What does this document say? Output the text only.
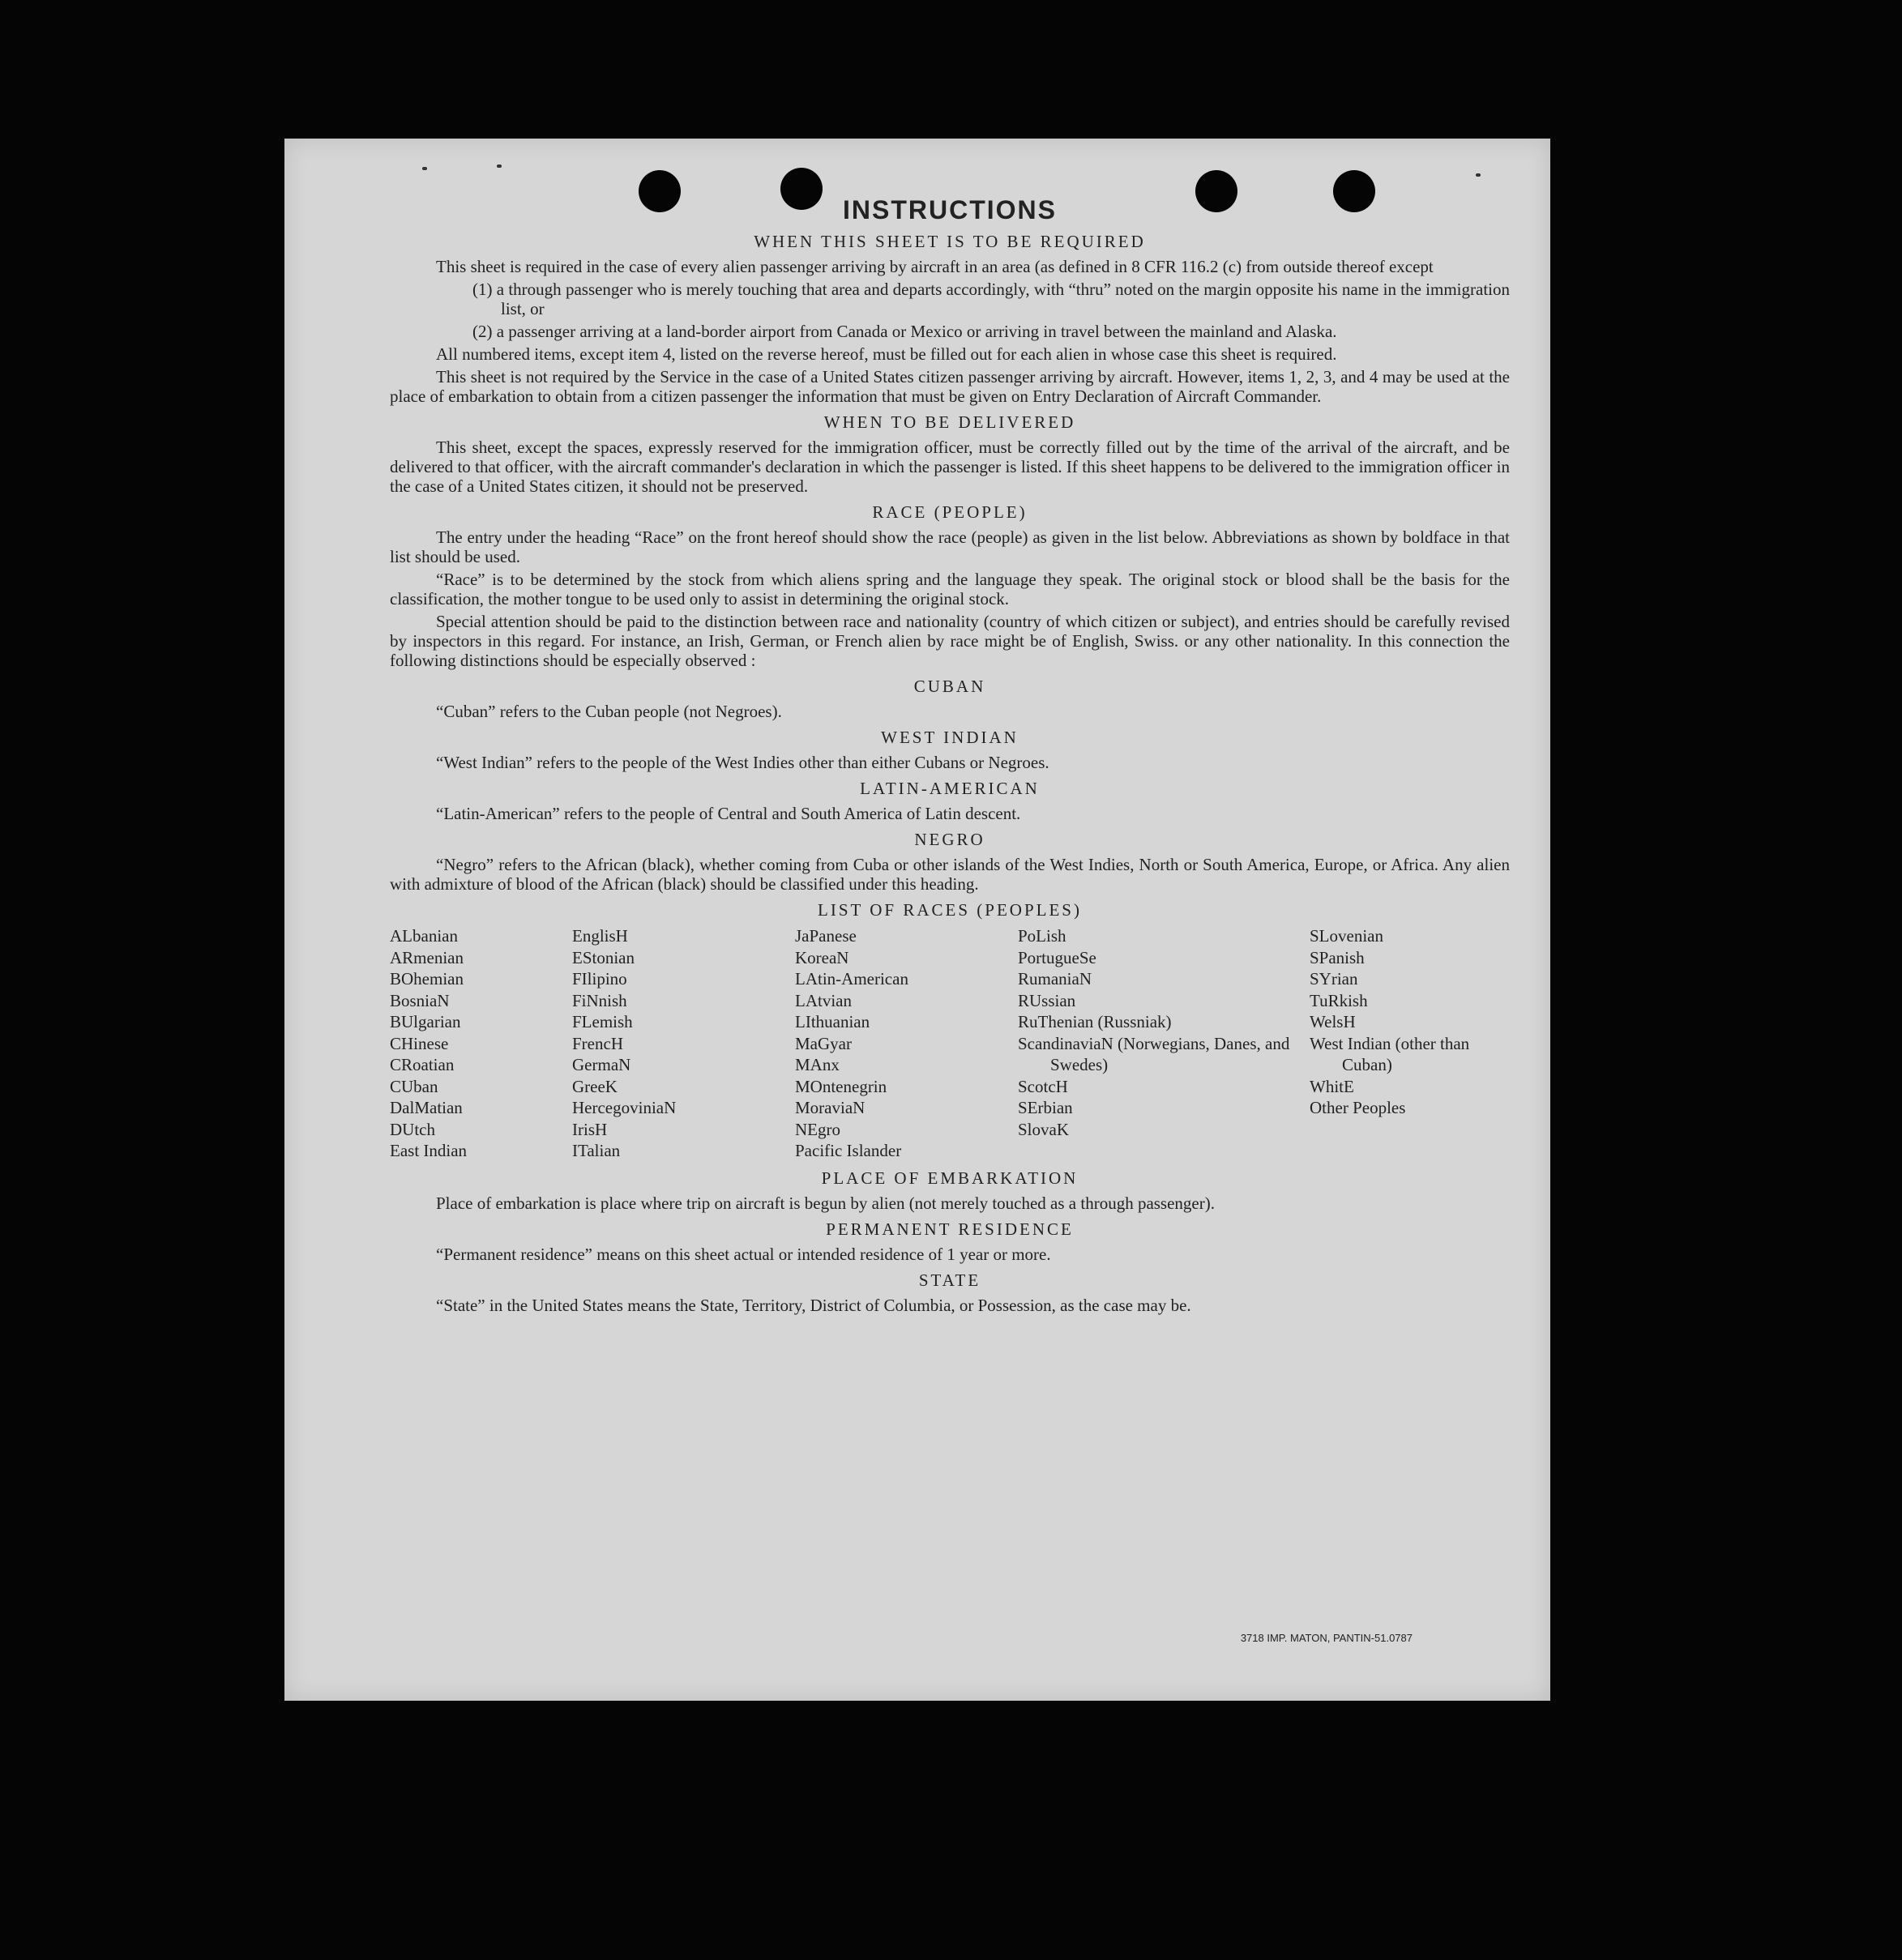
INSTRUCTIONS
WHEN THIS SHEET IS TO BE REQUIRED

This sheet is required in the case of every alien passenger arriving by aircraft in an area (as defined in 8 CFR 116.2 (c) from outside thereof except

(1) a through passenger who is merely touching that area and departs accordingly, with “thru” noted on the margin opposite his name in the immigration list, or

(2) a passenger arriving at a land-border airport from Canada or Mexico or arriving in travel between the mainland and Alaska.

All numbered items, except item 4, listed on the reverse hereof, must be filled out for each alien in whose case this sheet is required.

This sheet is not required by the Service in the case of a United States citizen passenger arriving by aircraft. However, items 1, 2, 3, and 4 may be used at the place of embarkation to obtain from a citizen passenger the information that must be given on Entry Declaration of Aircraft Commander.

WHEN TO BE DELIVERED

This sheet, except the spaces, expressly reserved for the immigration officer, must be correctly filled out by the time of the arrival of the aircraft, and be delivered to that officer, with the aircraft commander's declaration in which the passenger is listed. If this sheet happens to be delivered to the immigration officer in the case of a United States citizen, it should not be preserved.

RACE (PEOPLE)

The entry under the heading “Race” on the front hereof should show the race (people) as given in the list below. Abbreviations as shown by boldface in that list should be used.

“Race” is to be determined by the stock from which aliens spring and the language they speak. The original stock or blood shall be the basis for the classification, the mother tongue to be used only to assist in determining the original stock.

Special attention should be paid to the distinction between race and nationality (country of which citizen or subject), and entries should be carefully revised by inspectors in this regard. For instance, an Irish, German, or French alien by race might be of English, Swiss. or any other nationality. In this connection the following distinctions should be especially observed :

CUBAN

“Cuban” refers to the Cuban people (not Negroes).

WEST INDIAN

“West Indian” refers to the people of the West Indies other than either Cubans or Negroes.

LATIN-AMERICAN

“Latin-American” refers to the people of Central and South America of Latin descent.

NEGRO

“Negro” refers to the African (black), whether coming from Cuba or other islands of the West Indies, North or South America, Europe, or Africa. Any alien with admixture of blood of the African (black) should be classified under this heading.

LIST OF RACES (PEOPLES)
ALbanian
ARmenian
BOhemian
BosniaN
BUlgarian
CHinese
CRoatian
CUban
DalMatian
DUtch
East Indian
EnglisH
EStonian
FIlipino
FiNnish
FLemish
FrencH
GermaN
GreeK
HercegoviniaN
IrisH
ITalian
JaPanese
KoreaN
LAtin-American
LAtvian
LIthuanian
MaGyar
MAnx
MOntenegrin
MoraviaN
NEgro
Pacific Islander
PoLish
PortugueSe
RumaniaN
RUssian
RuThenian (Russniak)
ScandinaviaN (Norwegians, Danes, and Swedes)
ScotcH
SErbian
SlovaK
SLovenian
SPanish
SYrian
TuRkish
WelsH
West Indian (other than Cuban)
WhitE
Other Peoples
PLACE OF EMBARKATION

Place of embarkation is place where trip on aircraft is begun by alien (not merely touched as a through passenger).

PERMANENT RESIDENCE

“Permanent residence” means on this sheet actual or intended residence of 1 year or more.

STATE

“State” in the United States means the State, Territory, District of Columbia, or Possession, as the case may be.

3718 IMP. MATON, PANTIN-51.0787
